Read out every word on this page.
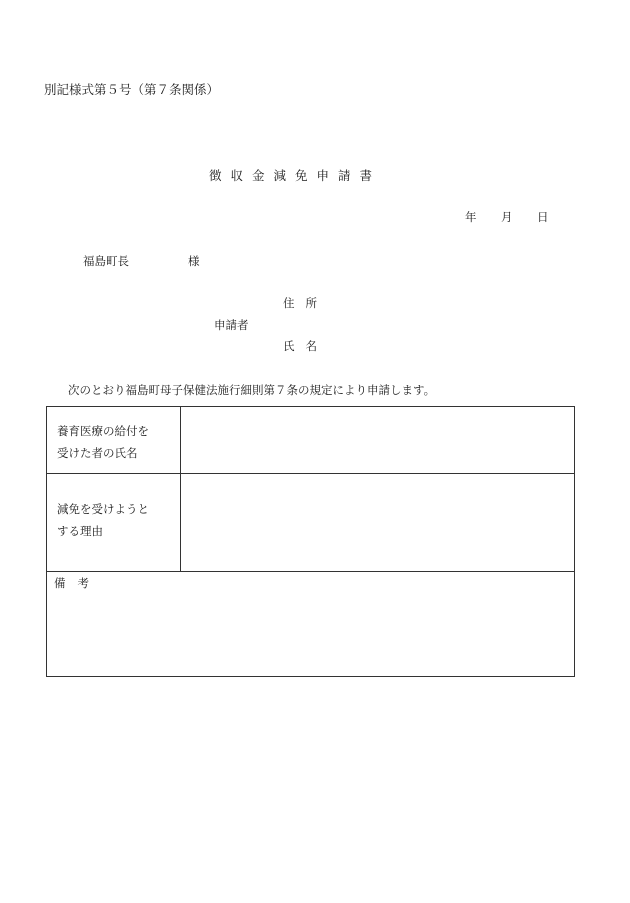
別記様式第５号（第７条関係）
徴収金減免申請書
年 月 日
福島町長	様
住所
申請者
氏名
次のとおり福島町母子保健法施行細則第７条の規定により申請します。
養育医療の給付を
受けた者の氏名
減免を受けようと
する理由
備考
